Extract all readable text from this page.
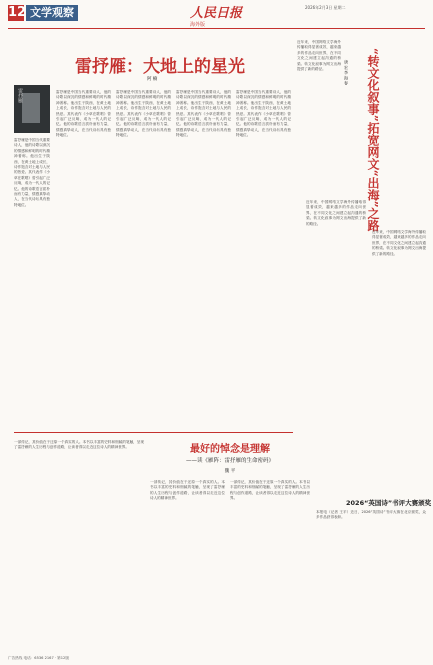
12 文学观察	人民日报
海外版
2026年2月3日 星期二
雷抒雁：大地上的星光
阿 楠
雷抒雁
雷抒雁是中国当代重要诗人，他的诗歌以深沉的情感和鲜明的时代精神著称。他出生于陕西，在黄土地上成长，诗作饱含对土地与人民的热爱。其代表作《小草在歌唱》曾引起广泛反响，成为一代人的记忆。他的诗歌语言质朴而有力量，情感真挚动人，在当代诗坛具有独特地位。
雷抒雁是中国当代重要诗人，他的诗歌以深沉的情感和鲜明的时代精神著称。他出生于陕西，在黄土地上成长，诗作饱含对土地与人民的热爱。其代表作《小草在歌唱》曾引起广泛反响，成为一代人的记忆。他的诗歌语言质朴而有力量，情感真挚动人，在当代诗坛具有独特地位。
雷抒雁是中国当代重要诗人，他的诗歌以深沉的情感和鲜明的时代精神著称。他出生于陕西，在黄土地上成长，诗作饱含对土地与人民的热爱。其代表作《小草在歌唱》曾引起广泛反响，成为一代人的记忆。他的诗歌语言质朴而有力量，情感真挚动人，在当代诗坛具有独特地位。
雷抒雁是中国当代重要诗人，他的诗歌以深沉的情感和鲜明的时代精神著称。他出生于陕西，在黄土地上成长，诗作饱含对土地与人民的热爱。其代表作《小草在歌唱》曾引起广泛反响，成为一代人的记忆。他的诗歌语言质朴而有力量，情感真挚动人，在当代诗坛具有独特地位。
雷抒雁是中国当代重要诗人，他的诗歌以深沉的情感和鲜明的时代精神著称。他出生于陕西，在黄土地上成长，诗作饱含对土地与人民的热爱。其代表作《小草在歌唱》曾引起广泛反响，成为一代人的记忆。他的诗歌语言质朴而有力量，情感真挚动人，在当代诗坛具有独特地位。	“转文化叙事”拓宽网文“出海”之路
唐 宏 李 海 春
近年来，中国网络文学海外传播取得显著成效，越来越多的作品走向世界，在不同文化之间建立起沟通的桥梁。转文化叙事为网文出海提供了新的路径。
近年来，中国网络文学海外传播取得显著成效，越来越多的作品走向世界，在不同文化之间建立起沟通的桥梁。转文化叙事为网文出海提供了新的路径。
近年来，中国网络文学海外传播取得显著成效，越来越多的作品走向世界，在不同文化之间建立起沟通的桥梁。转文化叙事为网文出海提供了新的路径。
最好的悼念是理解
——读《雁阵：雷抒雁的生命密码》
魏 平
一部传记，其价值在于还原一个真实的人。本书以丰富的史料和细腻的笔触，呈现了雷抒雁的人生历程与创作道路，让读者得以走近这位诗人的精神世界。
一部传记，其价值在于还原一个真实的人。本书以丰富的史料和细腻的笔触，呈现了雷抒雁的人生历程与创作道路，让读者得以走近这位诗人的精神世界。
一部传记，其价值在于还原一个真实的人。本书以丰富的史料和细腻的笔触，呈现了雷抒雁的人生历程与创作道路，让读者得以走近这位诗人的精神世界。
2026“英国诗”书评大赛颁奖
本报电（记者 王平）近日，2026“英国诗”书评大赛在北京颁奖，众多作品获得表彰。
广告热线 电话：6536 2167 · 第12版
